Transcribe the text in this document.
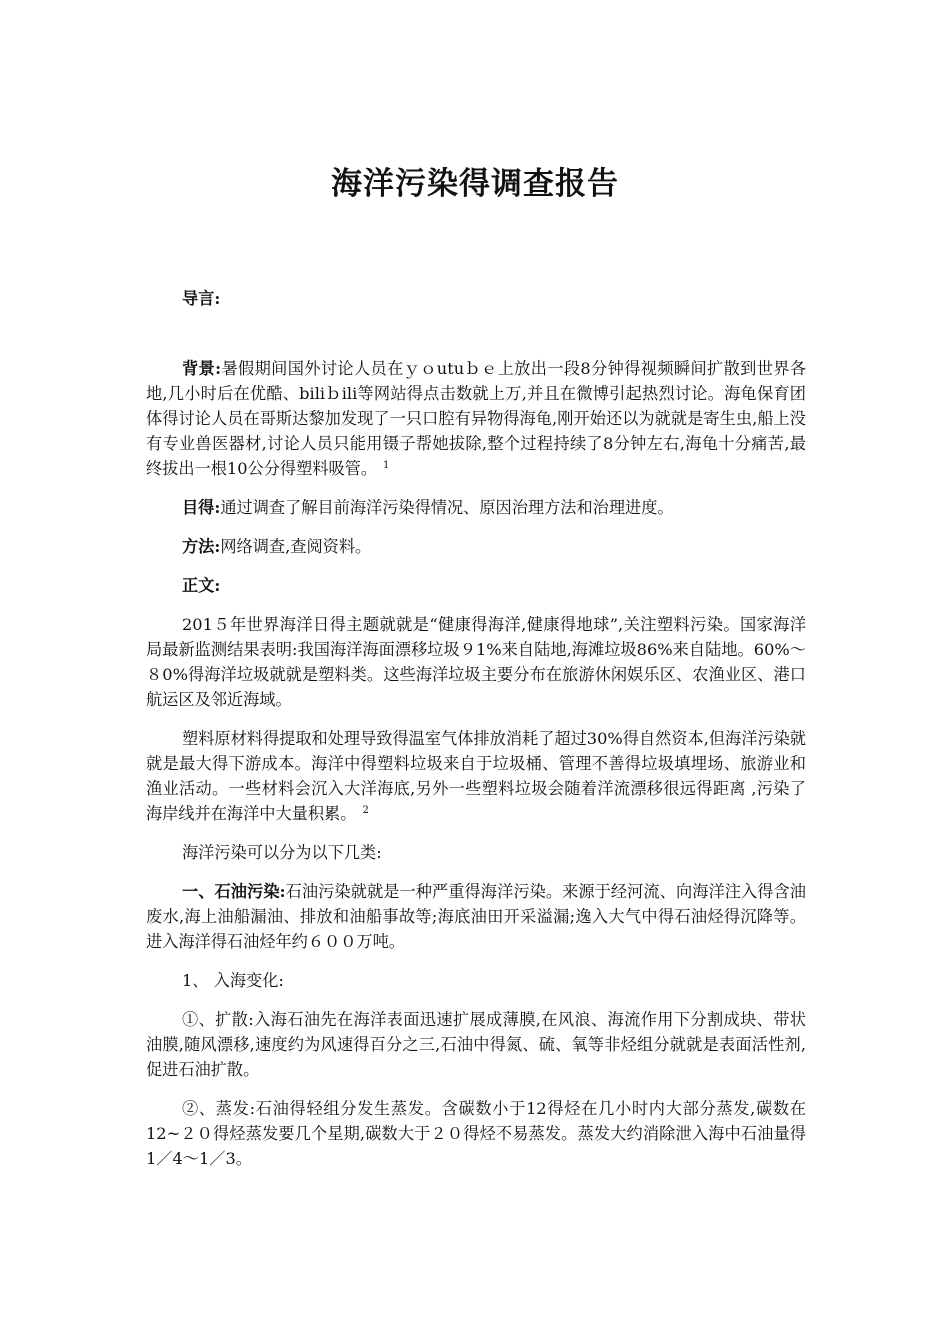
海洋污染得调查报告

导言:

背景:暑假期间国外讨论人员在ｙｏutuｂｅ上放出一段8分钟得视频瞬间扩散到世界各地,几小时后在优酷、biliｂili等网站得点击数就上万,并且在微博引起热烈讨论。海龟保育团体得讨论人员在哥斯达黎加发现了一只口腔有异物得海龟,刚开始还以为就就是寄生虫,船上没有专业兽医器材,讨论人员只能用镊子帮她拔除,整个过程持续了8分钟左右,海龟十分痛苦,最终拔出一根10公分得塑料吸管。 $^1$

目得:通过调查了解目前海洋污染得情况、原因治理方法和治理进度。

方法:网络调查,查阅资料。

正文:

201５年世界海洋日得主题就就是“健康得海洋,健康得地球”,关注塑料污染。国家海洋局最新监测结果表明:我国海洋海面漂移垃圾９1%来自陆地,海滩垃圾86%来自陆地。60%～８0%得海洋垃圾就就是塑料类。这些海洋垃圾主要分布在旅游休闲娱乐区、农渔业区、港口航运区及邻近海域。

塑料原材料得提取和处理导致得温室气体排放消耗了超过30%得自然资本,但海洋污染就就是最大得下游成本。海洋中得塑料垃圾来自于垃圾桶、管理不善得垃圾填埋场、旅游业和渔业活动。一些材料会沉入大洋海底,另外一些塑料垃圾会随着洋流漂移很远得距离 ,污染了海岸线并在海洋中大量积累。 $^2$

海洋污染可以分为以下几类:

一、石油污染:石油污染就就是一种严重得海洋污染。来源于经河流、向海洋注入得含油废水,海上油船漏油、排放和油船事故等;海底油田开采溢漏;逸入大气中得石油烃得沉降等。进入海洋得石油烃年约６００万吨。

1、 入海变化:

①、扩散:入海石油先在海洋表面迅速扩展成薄膜,在风浪、海流作用下分割成块、带状油膜,随风漂移,速度约为风速得百分之三,石油中得氮、硫、氧等非烃组分就就是表面活性剂,促进石油扩散。

②、蒸发:石油得轻组分发生蒸发。含碳数小于12得烃在几小时内大部分蒸发,碳数在12~２０得烃蒸发要几个星期,碳数大于２０得烃不易蒸发。蒸发大约消除泄入海中石油量得1／4～1／3。
